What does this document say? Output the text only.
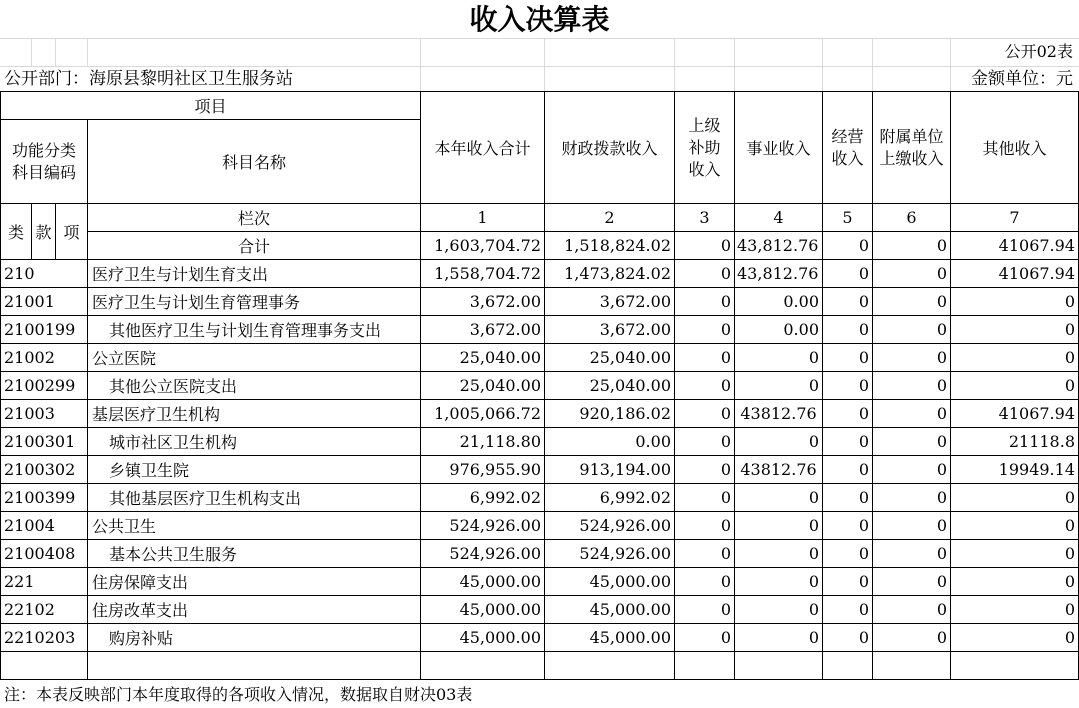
收入决算表
公开02表
公开部门：海原县黎明社区卫生服务站	金额单位：元
项目				本年收入合计	财政拨款收入	上级补助收入	事业收入	经营收入	附属单位上缴收入	其他收入
功能分类科目编码			科目名称							
类	款	项	栏次	1	2	3	4	5	6	7
			合计	1,603,704.72	1,518,824.02	0	43,812.76	0	0	41067.94
210			医疗卫生与计划生育支出	1,558,704.72	1,473,824.02	0	43,812.76	0	0	41067.94
21001			医疗卫生与计划生育管理事务	3,672.00	3,672.00	0	0.00	0	0	0
2100199			其他医疗卫生与计划生育管理事务支出	3,672.00	3,672.00	0	0.00	0	0	0
21002			公立医院	25,040.00	25,040.00	0	0	0	0	0
2100299			其他公立医院支出	25,040.00	25,040.00	0	0	0	0	0
21003			基层医疗卫生机构	1,005,066.72	920,186.02	0	43812.76	0	0	41067.94
2100301			城市社区卫生机构	21,118.80	0.00	0	0	0	0	21118.8
2100302			乡镇卫生院	976,955.90	913,194.00	0	43812.76	0	0	19949.14
2100399			其他基层医疗卫生机构支出	6,992.02	6,992.02	0	0	0	0	0
21004			公共卫生	524,926.00	524,926.00	0	0	0	0	0
2100408			基本公共卫生服务	524,926.00	524,926.00	0	0	0	0	0
221			住房保障支出	45,000.00	45,000.00	0	0	0	0	0
22102			住房改革支出	45,000.00	45,000.00	0	0	0	0	0
2210203			购房补贴	45,000.00	45,000.00	0	0	0	0	0

注：本表反映部门本年度取得的各项收入情况，数据取自财决03表
